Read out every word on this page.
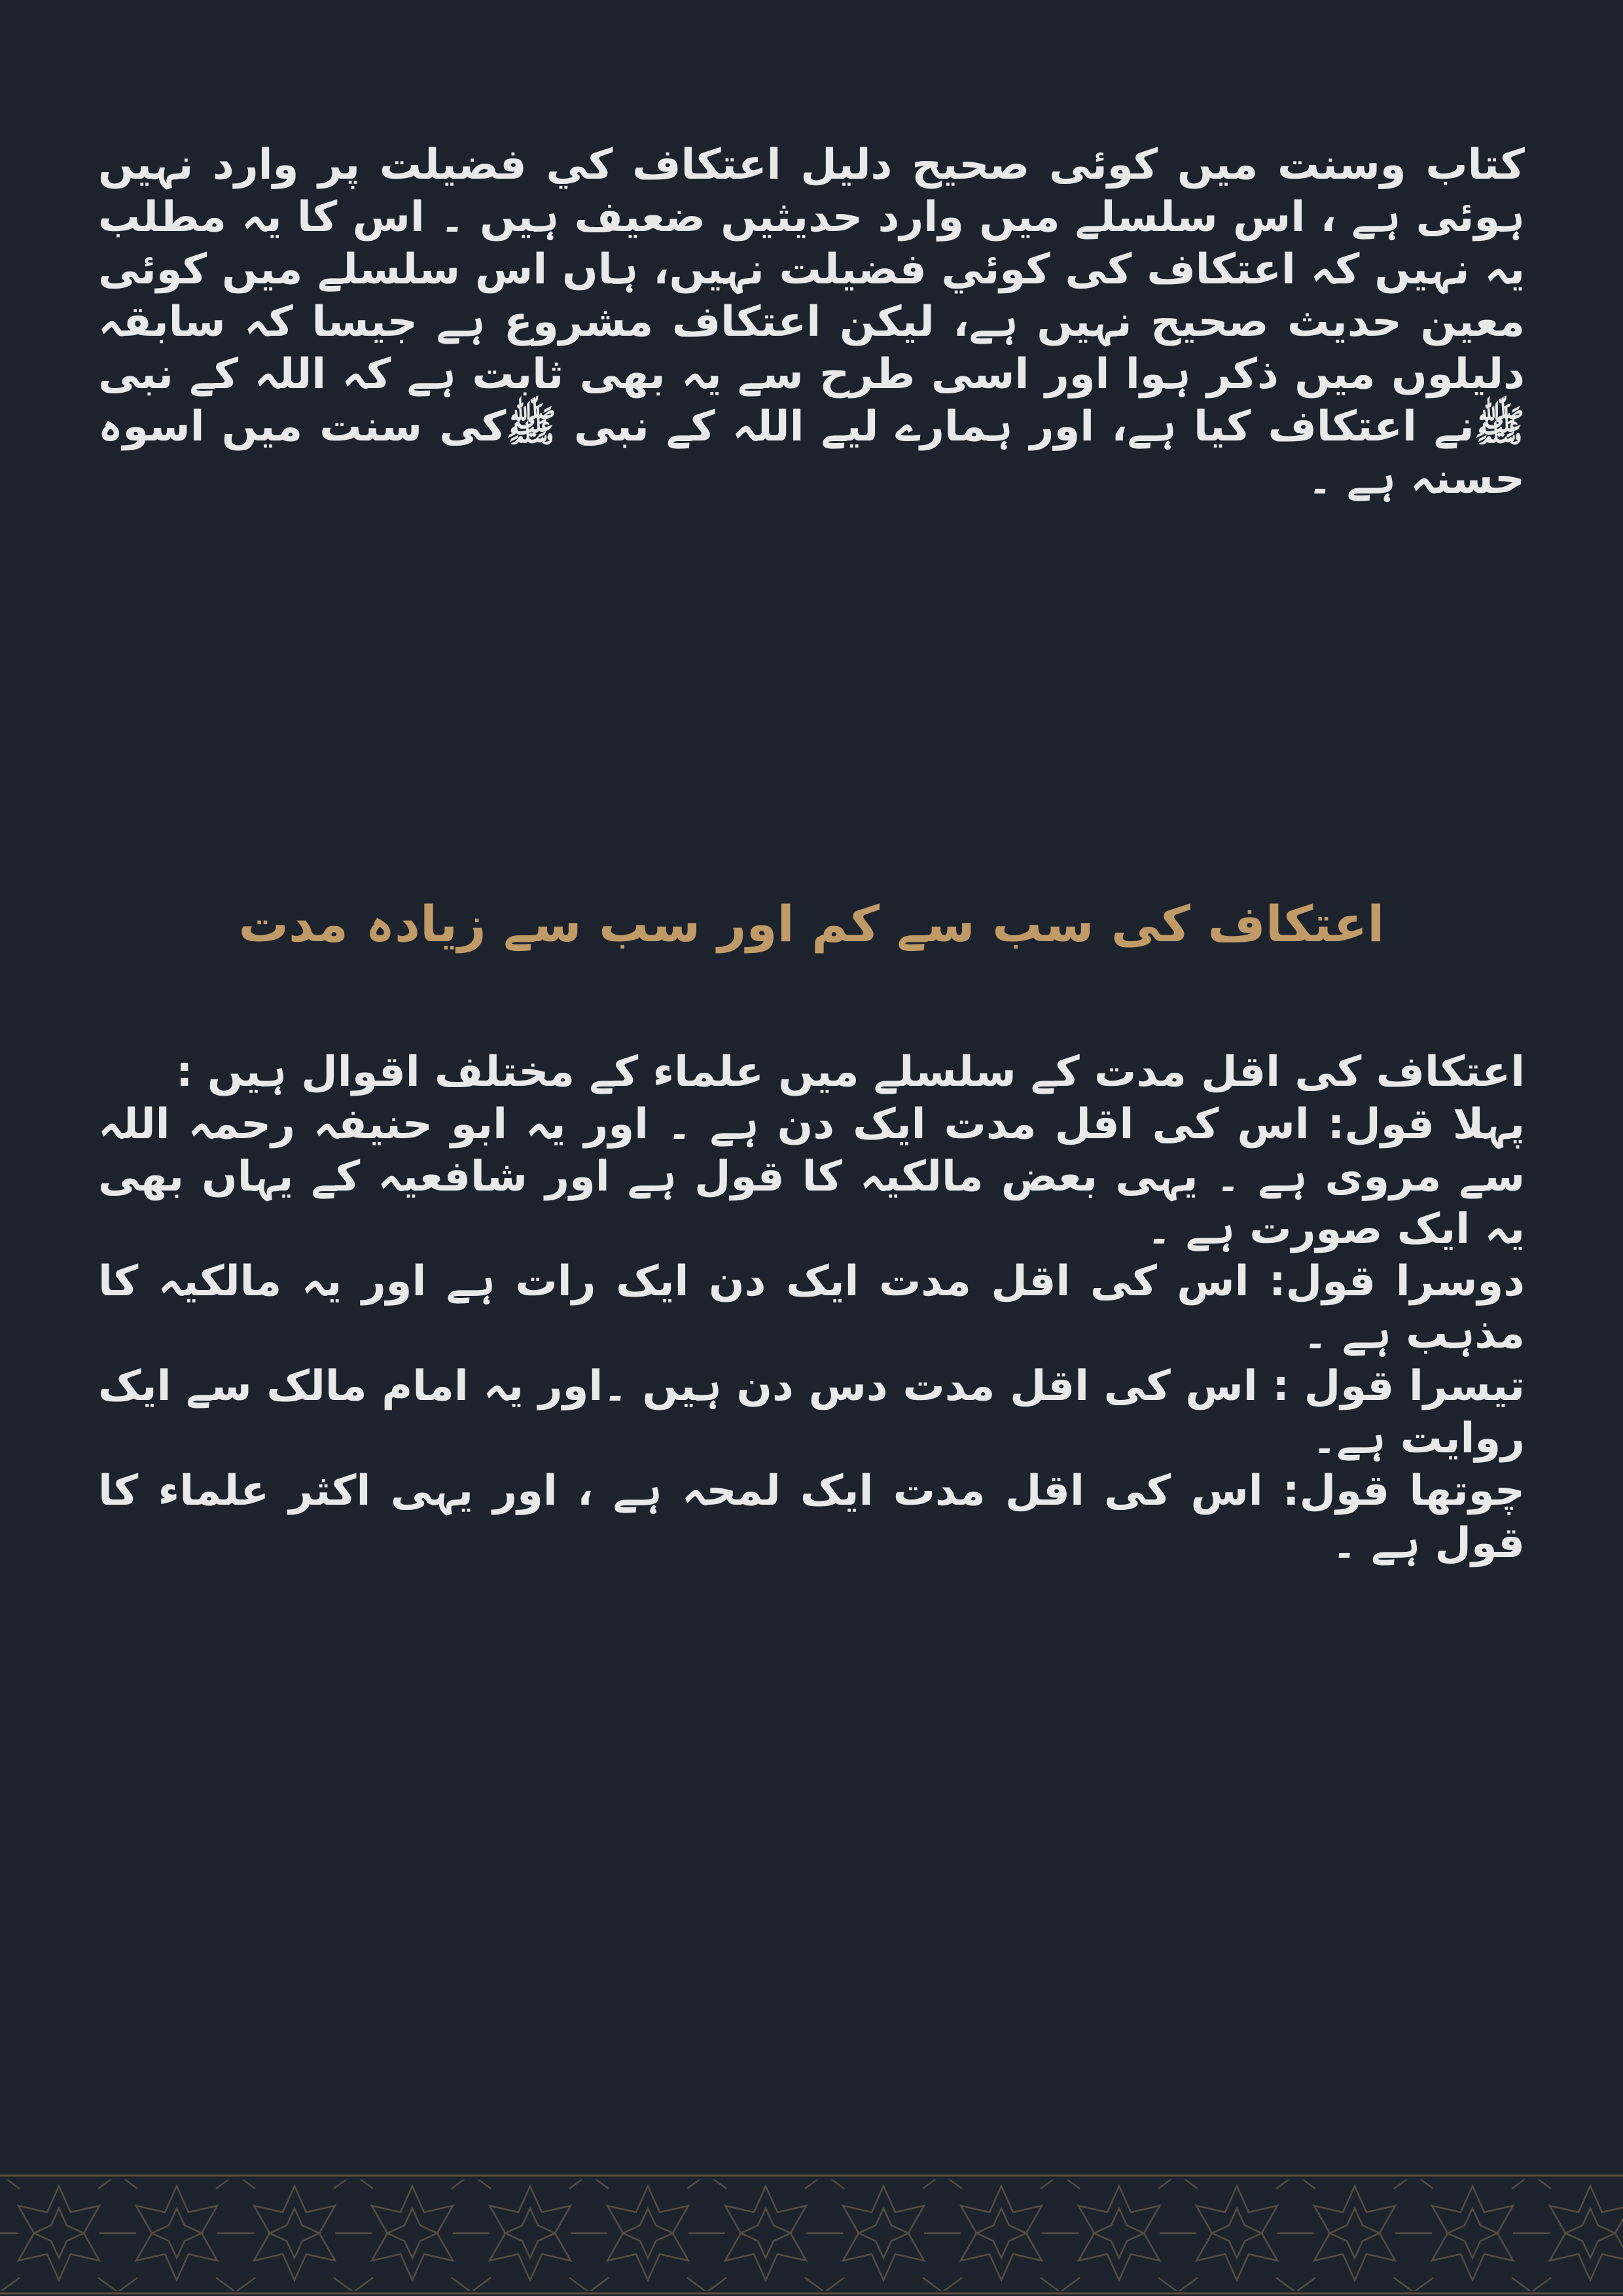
کتاب وسنت میں کوئی صحیح دلیل اعتکاف کي فضیلت پر وارد نہیں ہوئی ہے ، اس سلسلے میں وارد حدیثیں ضعیف ہیں ۔ اس کا یہ مطلب یہ نہیں کہ اعتکاف کی کوئي فضیلت نہیں، ہاں اس سلسلے میں کوئی معین حدیث صحیح نہیں ہے، لیکن اعتکاف مشروع ہے جیسا کہ سابقہ دلیلوں میں ذکر ہوا اور اسی طرح سے یہ بھی ثابت ہے کہ اللہ کے نبی ﷺنے اعتکاف کیا ہے، اور ہمارے لیے اللہ کے نبی ﷺکی سنت میں اسوہ حسنہ ہے ۔

اعتکاف کی سب سے کم اور سب سے زیادہ مدت

اعتکاف کی اقل مدت کے سلسلے میں علماء کے مختلف اقوال ہیں :

پہلا قول: اس کی اقل مدت ایک دن ہے ۔ اور یہ ابو حنیفہ رحمہ اللہ سے مروی ہے ۔ یہی بعض مالکیہ کا قول ہے اور شافعیہ کے یہاں بھی یہ ایک صورت ہے ۔

دوسرا قول: اس کی اقل مدت ایک دن ایک رات ہے اور یہ مالکیہ کا مذہب ہے ۔

تیسرا قول : اس کی اقل مدت دس دن ہیں ۔اور یہ امام مالک سے ایک روایت ہے۔

چوتھا قول: اس کی اقل مدت ایک لمحہ ہے ، اور یہی اکثر علماء کا قول ہے ۔
